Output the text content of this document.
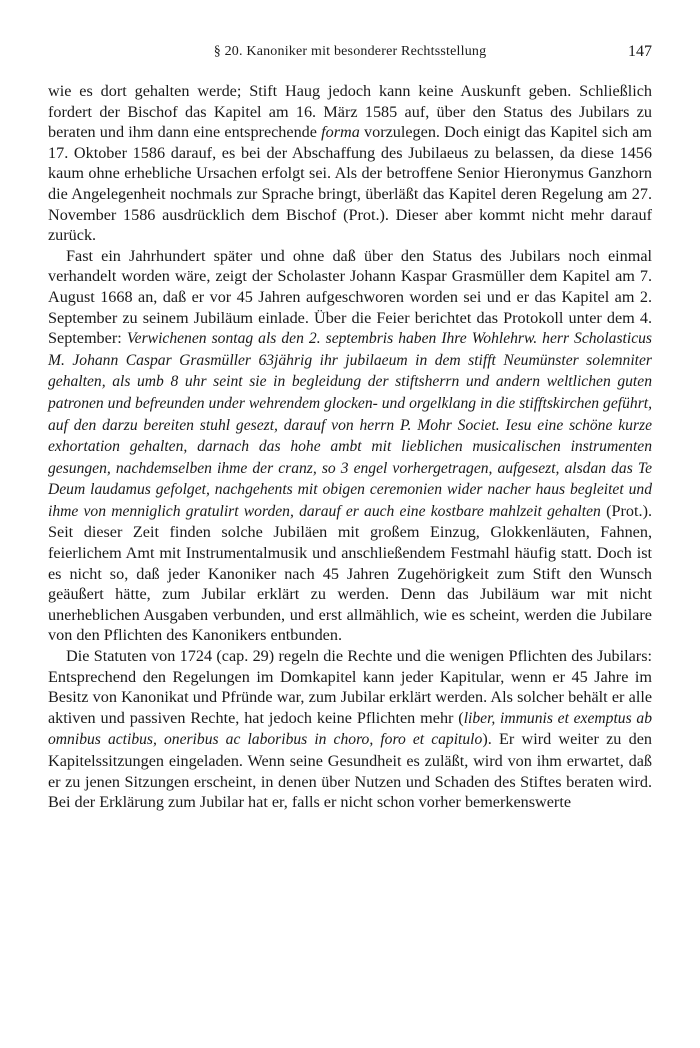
§ 20. Kanoniker mit besonderer Rechtsstellung	147

wie es dort gehalten werde; Stift Haug jedoch kann keine Auskunft geben. Schließlich fordert der Bischof das Kapitel am 16. März 1585 auf, über den Status des Jubilars zu beraten und ihm dann eine entsprechende forma vorzulegen. Doch einigt das Kapitel sich am 17. Oktober 1586 darauf, es bei der Abschaffung des Jubilaeus zu belassen, da diese 1456 kaum ohne erhebliche Ursachen erfolgt sei. Als der betroffene Senior Hieronymus Ganzhorn die Angelegenheit nochmals zur Sprache bringt, überläßt das Kapitel deren Regelung am 27. November 1586 ausdrücklich dem Bischof (Prot.). Dieser aber kommt nicht mehr darauf zurück.

Fast ein Jahrhundert später und ohne daß über den Status des Jubilars noch einmal verhandelt worden wäre, zeigt der Scholaster Johann Kaspar Grasmüller dem Kapitel am 7. August 1668 an, daß er vor 45 Jahren aufgeschworen worden sei und er das Kapitel am 2. September zu seinem Jubiläum einlade. Über die Feier berichtet das Protokoll unter dem 4. September: Verwichenen sontag als den 2. septembris haben Ihre Wohlehrw. herr Scholasticus M. Johann Caspar Grasmüller 63jährig ihr jubilaeum in dem stifft Neumünster solemniter gehalten, als umb 8 uhr seint sie in begleidung der stiftsherrn und andern weltlichen guten patronen und befreunden under wehrendem glocken- und orgelklang in die stifftskirchen geführt, auf den darzu bereiten stuhl gesezt, darauf von herrn P. Mohr Societ. Iesu eine schöne kurze exhortation gehalten, darnach das hohe ambt mit lieblichen musicalischen instrumenten gesungen, nachdemselben ihme der cranz, so 3 engel vorhergetragen, aufgesezt, alsdan das Te Deum laudamus gefolget, nachgehents mit obigen ceremonien wider nacher haus begleitet und ihme von menniglich gratulirt worden, darauf er auch eine kostbare mahlzeit gehalten (Prot.). Seit dieser Zeit finden solche Jubiläen mit großem Einzug, Glokkenläuten, Fahnen, feierlichem Amt mit Instrumentalmusik und anschließendem Festmahl häufig statt. Doch ist es nicht so, daß jeder Kanoniker nach 45 Jahren Zugehörigkeit zum Stift den Wunsch geäußert hätte, zum Jubilar erklärt zu werden. Denn das Jubiläum war mit nicht unerheblichen Ausgaben verbunden, und erst allmählich, wie es scheint, werden die Jubilare von den Pflichten des Kanonikers entbunden.

Die Statuten von 1724 (cap. 29) regeln die Rechte und die wenigen Pflichten des Jubilars: Entsprechend den Regelungen im Domkapitel kann jeder Kapitular, wenn er 45 Jahre im Besitz von Kanonikat und Pfründe war, zum Jubilar erklärt werden. Als solcher behält er alle aktiven und passiven Rechte, hat jedoch keine Pflichten mehr (liber, immunis et exemptus ab omnibus actibus, oneribus ac laboribus in choro, foro et capitulo). Er wird weiter zu den Kapitelssitzungen eingeladen. Wenn seine Gesundheit es zuläßt, wird von ihm erwartet, daß er zu jenen Sitzungen erscheint, in denen über Nutzen und Schaden des Stiftes beraten wird. Bei der Erklärung zum Jubilar hat er, falls er nicht schon vorher bemerkenswerte
